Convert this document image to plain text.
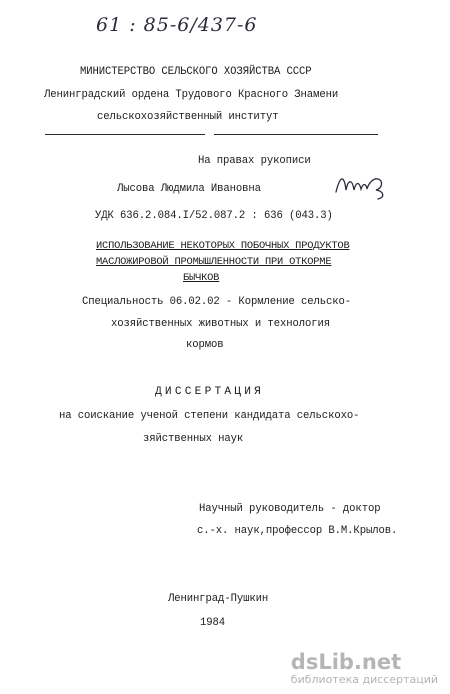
61 : 85-6/437-6
МИНИСТЕРСТВО СЕЛЬСКОГО ХОЗЯЙСТВА СССР
Ленинградский ордена Трудового Красного Знамени
сельскохозяйственный институт
На правах рукописи
Лысова Людмила Ивановна
УДК 636.2.084.I/52.087.2 : 636 (043.3)
ИСПОЛЬЗОВАНИЕ НЕКОТОРЫХ ПОБОЧНЫХ ПРОДУКТОВ
МАСЛОЖИРОВОЙ ПРОМЫШЛЕННОСТИ ПРИ ОТКОРМЕ
БЫЧКОВ
Специальность 06.02.02 - Кормление сельско-
хозяйственных животных и технология
кормов
ДИССЕРТАЦИЯ
на соискание ученой степени кандидата сельскохо-
зяйственных наук
Научный руководитель - доктор
с.-х. наук,профессор В.М.Крылов.
Ленинград-Пушкин
1984
dsLib.net
библиотека диссертаций
